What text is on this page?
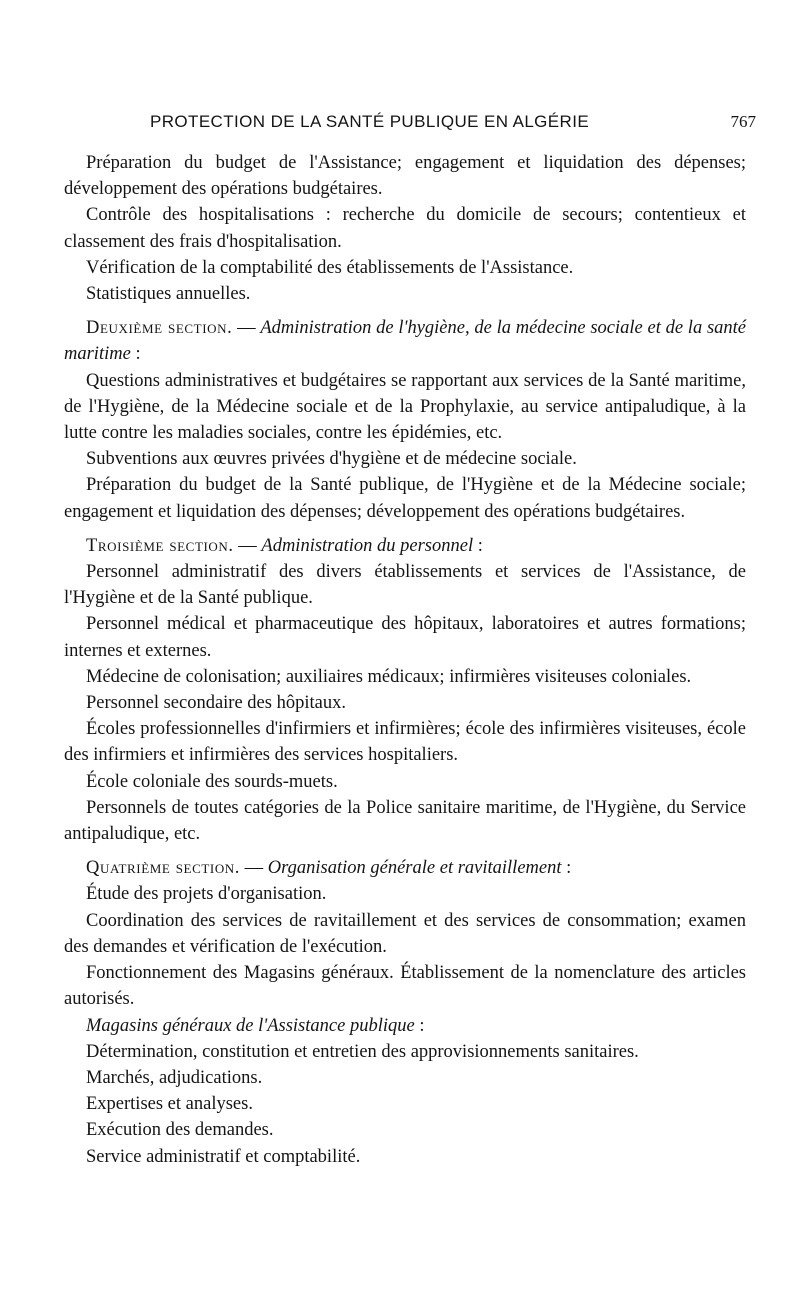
PROTECTION DE LA SANTÉ PUBLIQUE EN ALGÉRIE	767

Préparation du budget de l'Assistance; engagement et liquidation des dépenses; développement des opérations budgétaires.

Contrôle des hospitalisations : recherche du domicile de secours; contentieux et classement des frais d'hospitalisation.

Vérification de la comptabilité des établissements de l'Assistance.

Statistiques annuelles.

Deuxième section. — Administration de l'hygiène, de la médecine sociale et de la santé maritime :

Questions administratives et budgétaires se rapportant aux services de la Santé maritime, de l'Hygiène, de la Médecine sociale et de la Prophylaxie, au service antipaludique, à la lutte contre les maladies sociales, contre les épidémies, etc.

Subventions aux œuvres privées d'hygiène et de médecine sociale.

Préparation du budget de la Santé publique, de l'Hygiène et de la Médecine sociale; engagement et liquidation des dépenses; développement des opérations budgétaires.

Troisième section. — Administration du personnel :

Personnel administratif des divers établissements et services de l'Assistance, de l'Hygiène et de la Santé publique.

Personnel médical et pharmaceutique des hôpitaux, laboratoires et autres formations; internes et externes.

Médecine de colonisation; auxiliaires médicaux; infirmières visiteuses coloniales.

Personnel secondaire des hôpitaux.

Écoles professionnelles d'infirmiers et infirmières; école des infirmières visiteuses, école des infirmiers et infirmières des services hospitaliers.

École coloniale des sourds-muets.

Personnels de toutes catégories de la Police sanitaire maritime, de l'Hygiène, du Service antipaludique, etc.

Quatrième section. — Organisation générale et ravitaillement :

Étude des projets d'organisation.

Coordination des services de ravitaillement et des services de consommation; examen des demandes et vérification de l'exécution.

Fonctionnement des Magasins généraux. Établissement de la nomenclature des articles autorisés.

Magasins généraux de l'Assistance publique :

Détermination, constitution et entretien des approvisionnements sanitaires.

Marchés, adjudications.

Expertises et analyses.

Exécution des demandes.

Service administratif et comptabilité.
